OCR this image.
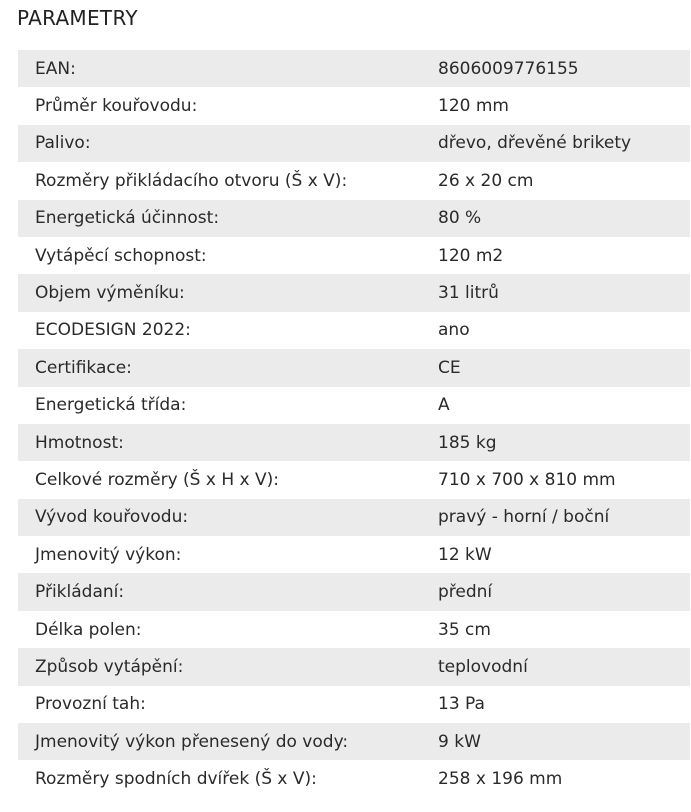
PARAMETRY
EAN:	8606009776155
Průměr kouřovodu:	120 mm
Palivo:	dřevo, dřevěné brikety
Rozměry přikládacího otvoru (Š x V):	26 x 20 cm
Energetická účinnost:	80 %
Vytápěcí schopnost:	120 m2
Objem výměníku:	31 litrů
ECODESIGN 2022:	ano
Certifikace:	CE
Energetická třída:	A
Hmotnost:	185 kg
Celkové rozměry (Š x H x V):	710 x 700 x 810 mm
Vývod kouřovodu:	pravý - horní / boční
Jmenovitý výkon:	12 kW
Přikládaní:	přední
Délka polen:	35 cm
Způsob vytápění:	teplovodní
Provozní tah:	13 Pa
Jmenovitý výkon přenesený do vody:	9 kW
Rozměry spodních dvířek (Š x V):	258 x 196 mm
